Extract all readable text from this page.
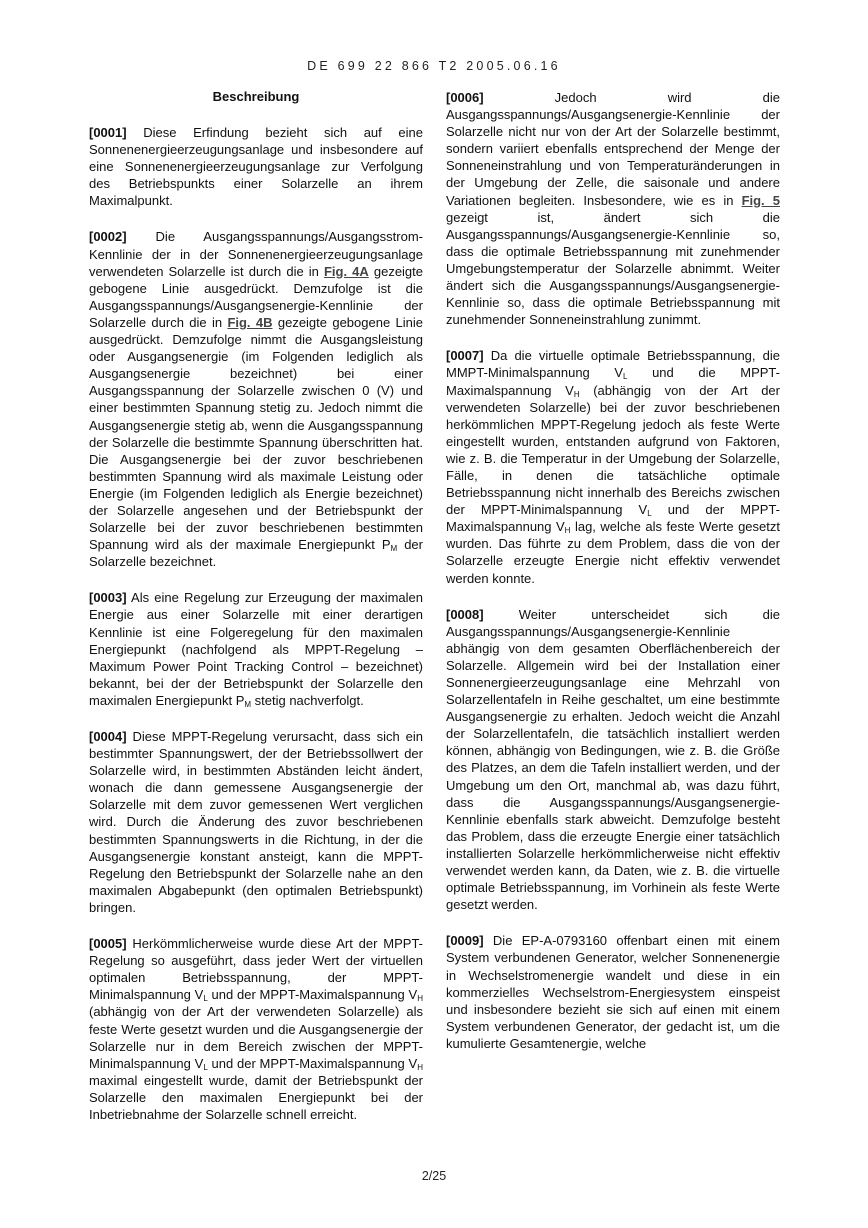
DE 699 22 866 T2 2005.06.16
Beschreibung

[0001] Diese Erfindung bezieht sich auf eine Sonnenenergieerzeugungsanlage und insbesondere auf eine Sonnenenergieerzeugungsanlage zur Verfolgung des Betriebspunkts einer Solarzelle an ihrem Maximalpunkt.

[0002] Die Ausgangsspannungs/Ausgangsstrom-Kennlinie der in der Sonnenenergieerzeugungsanlage verwendeten Solarzelle ist durch die in Fig. 4A gezeigte gebogene Linie ausgedrückt. Demzufolge ist die Ausgangsspannungs/Ausgangsenergie-Kennlinie der Solarzelle durch die in Fig. 4B gezeigte gebogene Linie ausgedrückt. Demzufolge nimmt die Ausgangsleistung oder Ausgangsenergie (im Folgenden lediglich als Ausgangsenergie bezeichnet) bei einer Ausgangsspannung der Solarzelle zwischen 0 (V) und einer bestimmten Spannung stetig zu. Jedoch nimmt die Ausgangsenergie stetig ab, wenn die Ausgangsspannung der Solarzelle die bestimmte Spannung überschritten hat. Die Ausgangsenergie bei der zuvor beschriebenen bestimmten Spannung wird als maximale Leistung oder Energie (im Folgenden lediglich als Energie bezeichnet) der Solarzelle angesehen und der Betriebspunkt der Solarzelle bei der zuvor beschriebenen bestimmten Spannung wird als der maximale Energiepunkt $P_M$ der Solarzelle bezeichnet.

[0003] Als eine Regelung zur Erzeugung der maximalen Energie aus einer Solarzelle mit einer derartigen Kennlinie ist eine Folgeregelung für den maximalen Energiepunkt (nachfolgend als MPPT-Regelung – Maximum Power Point Tracking Control – bezeichnet) bekannt, bei der der Betriebspunkt der Solarzelle den maximalen Energiepunkt $P_M$ stetig nachverfolgt.

[0004] Diese MPPT-Regelung verursacht, dass sich ein bestimmter Spannungswert, der der Betriebssollwert der Solarzelle wird, in bestimmten Abständen leicht ändert, wonach die dann gemessene Ausgangsenergie der Solarzelle mit dem zuvor gemessenen Wert verglichen wird. Durch die Änderung des zuvor beschriebenen bestimmten Spannungswerts in die Richtung, in der die Ausgangsenergie konstant ansteigt, kann die MPPT-Regelung den Betriebspunkt der Solarzelle nahe an den maximalen Abgabepunkt (den optimalen Betriebspunkt) bringen.

[0005] Herkömmlicherweise wurde diese Art der MPPT-Regelung so ausgeführt, dass jeder Wert der virtuellen optimalen Betriebsspannung, der MPPT-Minimalspannung $V_L$ und der MPPT-Maximalspannung $V_H$ (abhängig von der Art der verwendeten Solarzelle) als feste Werte gesetzt wurden und die Ausgangsenergie der Solarzelle nur in dem Bereich zwischen der MPPT-Minimalspannung $V_L$ und der MPPT-Maximalspannung $V_H$ maximal eingestellt wurde, damit der Betriebspunkt der Solarzelle den maximalen Energiepunkt bei der Inbetriebnahme der Solarzelle schnell erreicht.

[0006] Jedoch wird die Ausgangsspannungs/Ausgangsenergie-Kennlinie der Solarzelle nicht nur von der Art der Solarzelle bestimmt, sondern variiert ebenfalls entsprechend der Menge der Sonneneinstrahlung und von Temperaturänderungen in der Umgebung der Zelle, die saisonale und andere Variationen begleiten. Insbesondere, wie es in Fig. 5 gezeigt ist, ändert sich die Ausgangsspannungs/Ausgangsenergie-Kennlinie so, dass die optimale Betriebsspannung mit zunehmender Umgebungstemperatur der Solarzelle abnimmt. Weiter ändert sich die Ausgangsspannungs/Ausgangsenergie-Kennlinie so, dass die optimale Betriebsspannung mit zunehmender Sonneneinstrahlung zunimmt.

[0007] Da die virtuelle optimale Betriebsspannung, die MMPT-Minimalspannung $V_L$ und die MPPT-Maximalspannung $V_H$ (abhängig von der Art der verwendeten Solarzelle) bei der zuvor beschriebenen herkömmlichen MPPT-Regelung jedoch als feste Werte eingestellt wurden, entstanden aufgrund von Faktoren, wie z. B. die Temperatur in der Umgebung der Solarzelle, Fälle, in denen die tatsächliche optimale Betriebsspannung nicht innerhalb des Bereichs zwischen der MPPT-Minimalspannung $V_L$ und der MPPT-Maximalspannung $V_H$ lag, welche als feste Werte gesetzt wurden. Das führte zu dem Problem, dass die von der Solarzelle erzeugte Energie nicht effektiv verwendet werden konnte.

[0008] Weiter unterscheidet sich die Ausgangsspannungs/Ausgangsenergie-Kennlinie abhängig von dem gesamten Oberflächenbereich der Solarzelle. Allgemein wird bei der Installation einer Sonnenergieerzeugungsanlage eine Mehrzahl von Solarzellentafeln in Reihe geschaltet, um eine bestimmte Ausgangsenergie zu erhalten. Jedoch weicht die Anzahl der Solarzellentafeln, die tatsächlich installiert werden können, abhängig von Bedingungen, wie z. B. die Größe des Platzes, an dem die Tafeln installiert werden, und der Umgebung um den Ort, manchmal ab, was dazu führt, dass die Ausgangsspannungs/Ausgangsenergie-Kennlinie ebenfalls stark abweicht. Demzufolge besteht das Problem, dass die erzeugte Energie einer tatsächlich installierten Solarzelle herkömmlicherweise nicht effektiv verwendet werden kann, da Daten, wie z. B. die virtuelle optimale Betriebsspannung, im Vorhinein als feste Werte gesetzt werden.

[0009] Die EP-A-0793160 offenbart einen mit einem System verbundenen Generator, welcher Sonnenenergie in Wechselstromenergie wandelt und diese in ein kommerzielles Wechselstrom-Energiesystem einspeist und insbesondere bezieht sie sich auf einen mit einem System verbundenen Generator, der gedacht ist, um die kumulierte Gesamtenergie, welche

2/25
